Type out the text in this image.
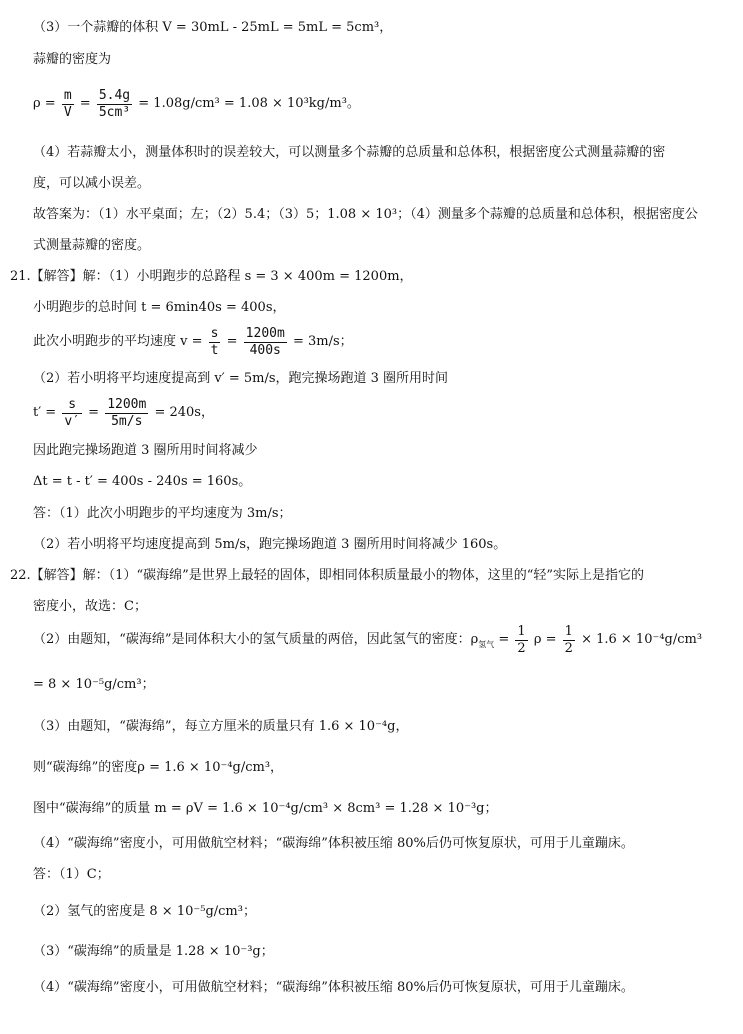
（3）一个蒜瓣的体积 V = 30mL - 25mL = 5mL = 5cm³，
蒜瓣的密度为
$\rho = \frac{m}{V} = \frac{5.4g}{\text{5cm³}} = 1.08g/cm^3 = 1.08 \times 10^3kg/m^3$。
（4）若蒜瓣太小，测量体积时的误差较大，可以测量多个蒜瓣的总质量和总体积，根据密度公式测量蒜瓣的密
度，可以减小误差。
故答案为：（1）水平桌面；左；（2）5.4；（3）5；1.08 × 10³；（4）测量多个蒜瓣的总质量和总体积，根据密度公
式测量蒜瓣的密度。
21.【解答】解：（1）小明跑步的总路程 s = 3 × 400m = 1200m，
小明跑步的总时间 t = 6min40s = 400s，
此次小明跑步的平均速度 $v = \frac{s}{t} = \frac{1200m}{400s} = 3m/s$；
（2）若小明将平均速度提高到 v′ = 5m/s，跑完操场跑道 3 圈所用时间
$t' = \frac{s}{v'} = \frac{1200m}{5m/s} = 240s$，
因此跑完操场跑道 3 圈所用时间将减少
Δt = t - t′ = 400s - 240s = 160s。
答：（1）此次小明跑步的平均速度为 3m/s；
（2）若小明将平均速度提高到 5m/s，跑完操场跑道 3 圈所用时间将减少 160s。
22.【解答】解：（1）“碳海绵”是世界上最轻的固体，即相同体积质量最小的物体，这里的“轻”实际上是指它的
密度小，故选：C；
（2）由题知，“碳海绵”是同体积大小的氢气质量的两倍，因此氢气的密度：$\rho_{氢气} = \frac{1}{2}$ $\rho = \frac{1}{2} \times 1.6 \times 10^{-4}g/cm^3$
= 8 × 10⁻⁵g/cm³；
（3）由题知，“碳海绵”，每立方厘米的质量只有 1.6 × 10⁻⁴g，
则“碳海绵”的密度ρ = 1.6 × 10⁻⁴g/cm³，
图中“碳海绵”的质量 m = ρV = 1.6 × 10⁻⁴g/cm³ × 8cm³ = 1.28 × 10⁻³g；
（4）“碳海绵”密度小，可用做航空材料；“碳海绵”体积被压缩 80%后仍可恢复原状，可用于儿童蹦床。
答：（1）C；
（2）氢气的密度是 8 × 10⁻⁵g/cm³；
（3）“碳海绵”的质量是 1.28 × 10⁻³g；
（4）“碳海绵”密度小，可用做航空材料；“碳海绵”体积被压缩 80%后仍可恢复原状，可用于儿童蹦床。
